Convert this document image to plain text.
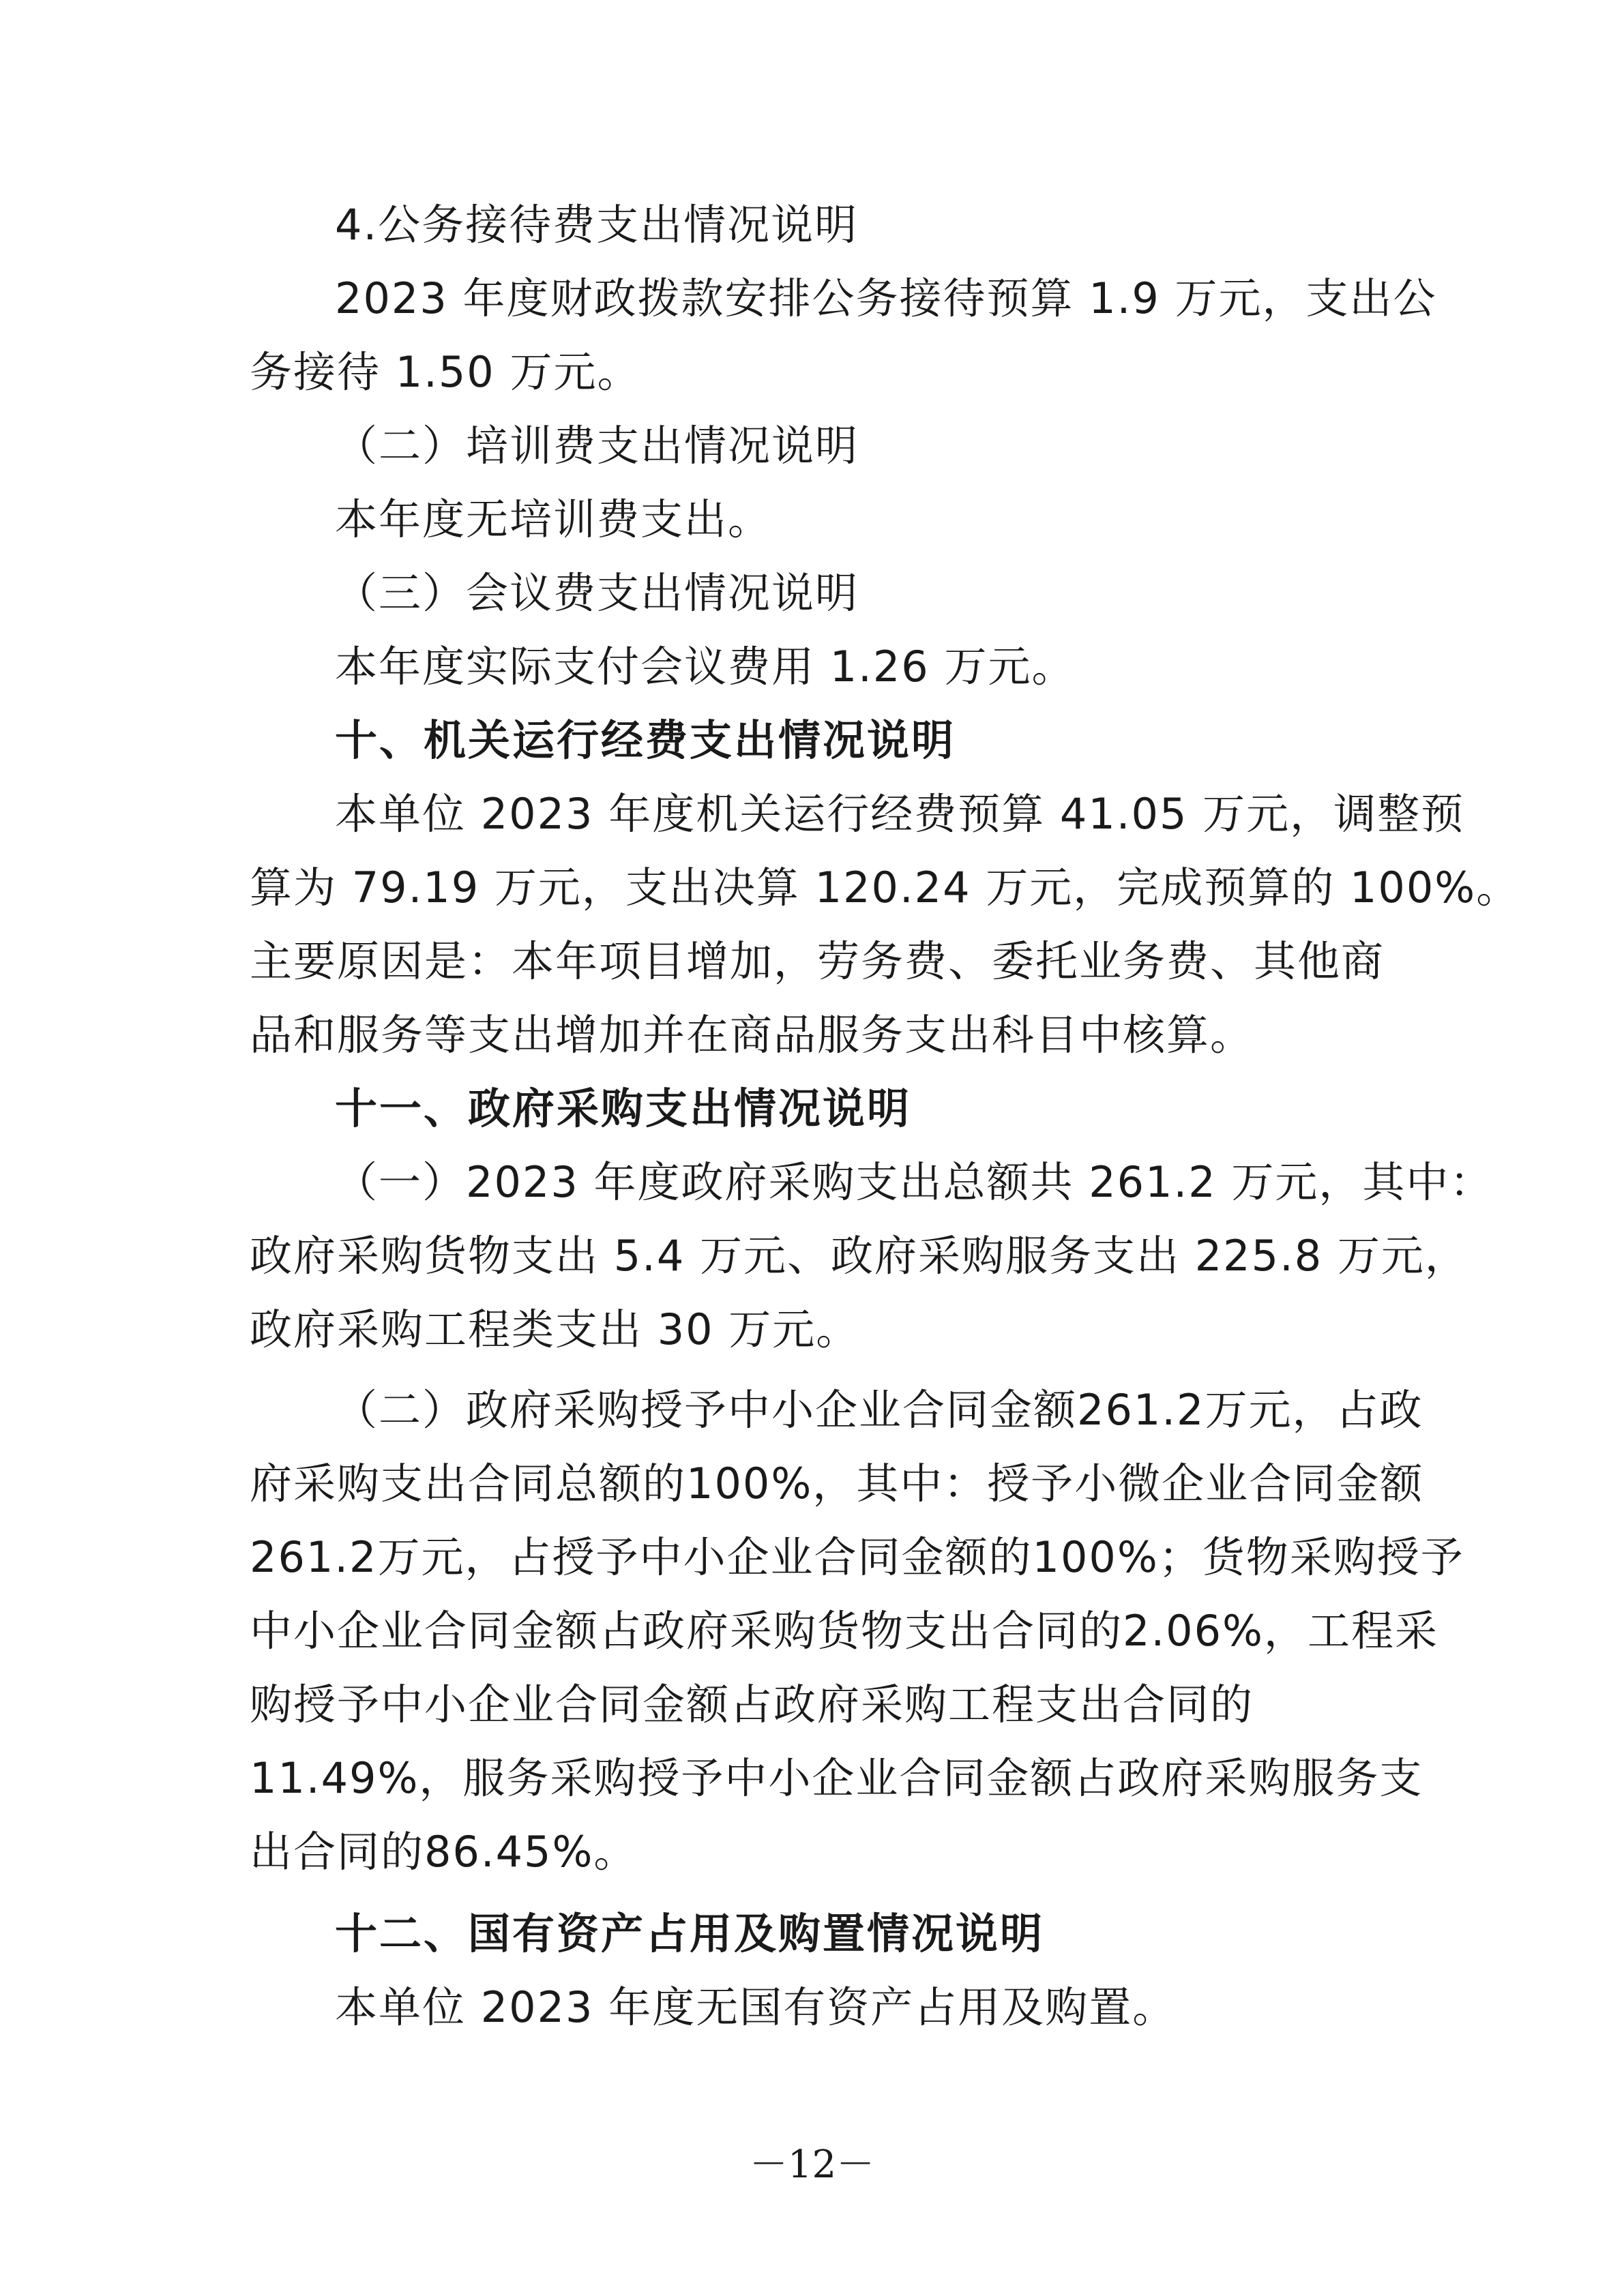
4.公务接待费支出情况说明
2023 年度财政拨款安排公务接待预算 1.9 万元，支出公
务接待 1.50 万元。
（二）培训费支出情况说明
本年度无培训费支出。
（三）会议费支出情况说明
本年度实际支付会议费用 1.26 万元。
十、机关运行经费支出情况说明
本单位 2023 年度机关运行经费预算 41.05 万元，调整预
算为 79.19 万元，支出决算 120.24 万元，完成预算的 100%。
主要原因是：本年项目增加，劳务费、委托业务费、其他商
品和服务等支出增加并在商品服务支出科目中核算。
十一、政府采购支出情况说明
（一）2023 年度政府采购支出总额共 261.2 万元，其中：
政府采购货物支出 5.4 万元、政府采购服务支出 225.8 万元，
政府采购工程类支出 30 万元。
（二）政府采购授予中小企业合同金额261.2万元，占政
府采购支出合同总额的100%，其中：授予小微企业合同金额
261.2万元，占授予中小企业合同金额的100%；货物采购授予
中小企业合同金额占政府采购货物支出合同的2.06%，工程采
购授予中小企业合同金额占政府采购工程支出合同的
11.49%，服务采购授予中小企业合同金额占政府采购服务支
出合同的86.45%。
十二、国有资产占用及购置情况说明
本单位 2023 年度无国有资产占用及购置。
－12－
